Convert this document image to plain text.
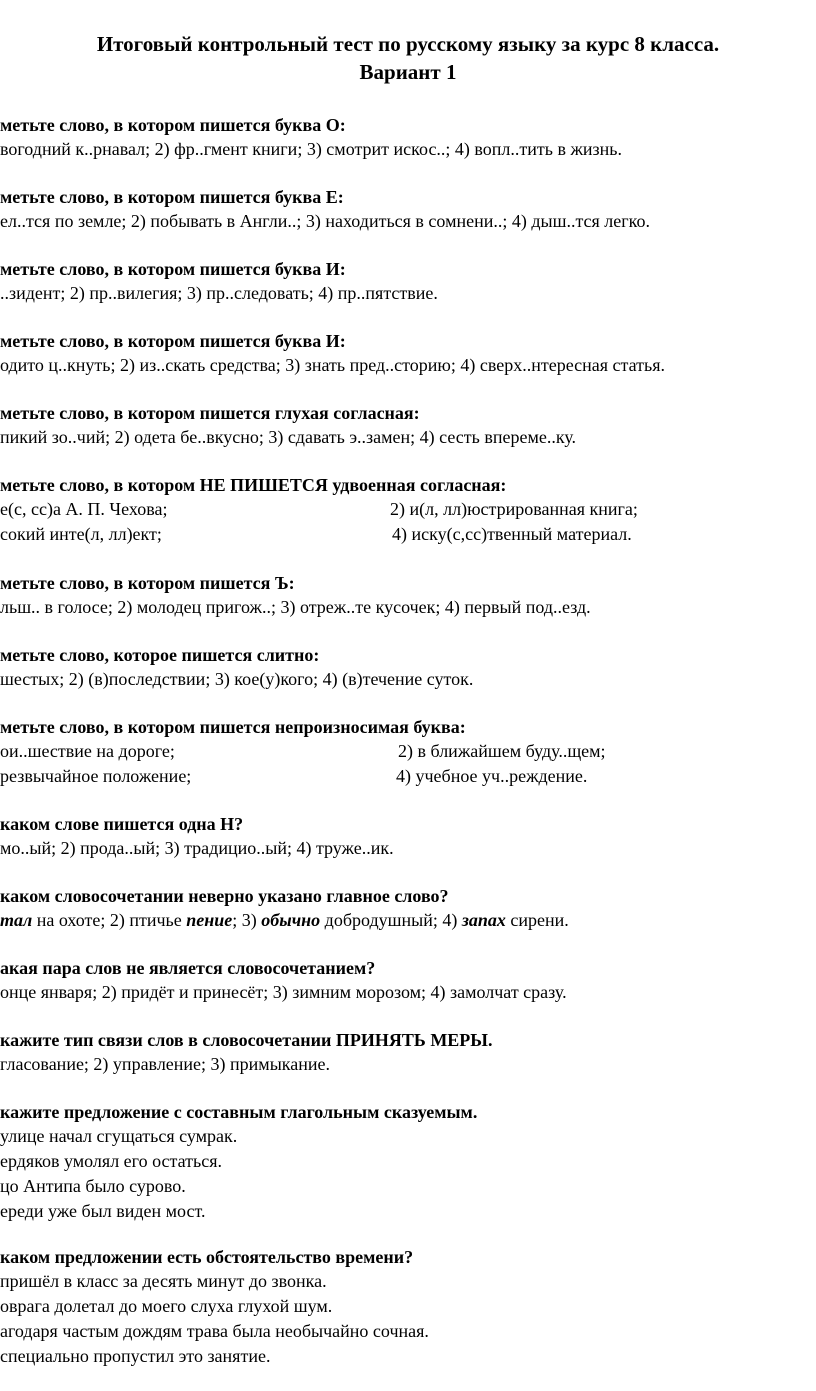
Итоговый контрольный тест по русскому языку за курс 8 класса.
Вариант 1
метьте слово, в котором пишется буква О:
вогодний к..рнавал; 2) фр..гмент книги; 3) смотрит искос..; 4) вопл..тить в жизнь.
метьте слово, в котором пишется буква Е:
ел..тся по земле; 2) побывать в Англи..; 3) находиться в сомнени..; 4) дыш..тся легко.
метьте слово, в котором пишется буква И:
..зидент; 2) пр..вилегия; 3) пр..следовать; 4) пр..пятствие.
метьте слово, в котором пишется буква И:
одито ц..кнуть; 2) из..скать средства; 3) знать пред..сторию; 4) сверх..нтересная статья.
метьте слово, в котором пишется глухая согласная:
пикий зо..чий; 2) одета бе..вкусно; 3) сдавать э..замен; 4) сесть впереме..ку.
метьте слово, в котором НЕ ПИШЕТСЯ удвоенная согласная:
е(с, сс)а А. П. Чехова;	2) и(л, лл)юстрированная книга;
сокий инте(л, лл)ект;	4) иску(с,сс)твенный материал.
метьте слово, в котором пишется Ъ:
льш.. в голосе; 2) молодец пригож..; 3) отреж..те кусочек; 4) первый под..езд.
метьте слово, которое пишется слитно:
шестых; 2) (в)последствии; 3) кое(у)кого; 4) (в)течение суток.
метьте слово, в котором пишется непроизносимая буква:
ои..шествие на дороге;	2) в ближайшем буду..щем;
резвычайное положение;	4) учебное уч..реждение.
каком слове пишется одна Н?
мо..ый; 2) прода..ый; 3) традицио..ый; 4) труже..ик.
каком словосочетании неверно указано главное слово?
тал на охоте; 2) птичье пение; 3) обычно добродушный; 4) запах сирени.
акая пара слов не является словосочетанием?
онце января; 2) придёт и принесёт; 3) зимним морозом; 4) замолчат сразу.
кажите тип связи слов в словосочетании ПРИНЯТЬ МЕРЫ.
гласование; 2) управление; 3) примыкание.
кажите предложение с составным глагольным сказуемым.
улице начал сгущаться сумрак.
ердяков умолял его остаться.
цо Антипа было сурово.
ереди уже был виден мост.
каком предложении есть обстоятельство времени?
пришёл в класс за десять минут до звонка.
оврага долетал до моего слуха глухой шум.
агодаря частым дождям трава была необычайно сочная.
специально пропустил это занятие.
